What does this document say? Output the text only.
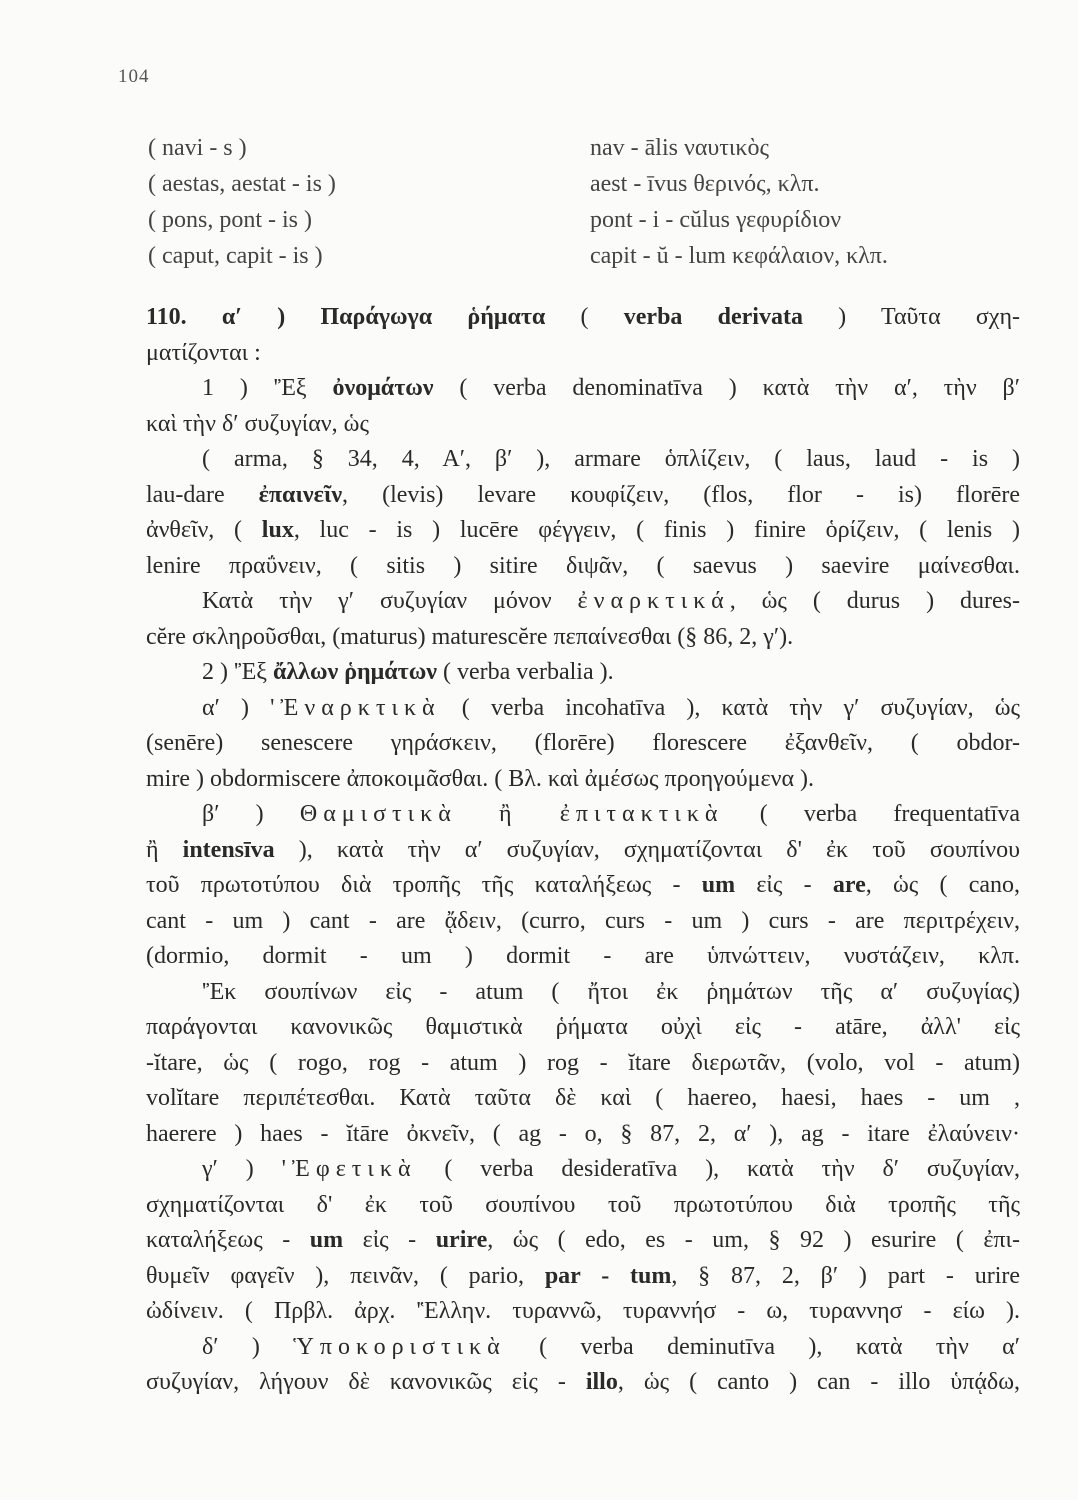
104
( navi - s )	nav - ālis ναυτικὸς
( aestas, aestat - is )	aest - īvus θερινός, κλπ.
( pons, pont - is )	pont - i - cŭlus γεφυρίδιον
( caput, capit - is )	capit - ŭ - lum κεφάλαιον, κλπ.
110. α′ ) Παράγωγα ῥήματα ( verba derivata ) Ταῦτα σχη-
ματίζονται :
1 ) 'Ἐξ ὀνομάτων ( verba denominatīva ) κατὰ τὴν α′, τὴν β′
καὶ τὴν δ′ συζυγίαν, ὡς
( arma, § 34, 4, A′, β′ ), armare ὁπλίζειν, ( laus, laud - is )
lau-dare ἐπαινεῖν, (levis) levare κουφίζειν, (flos, flor - is) florēre
ἀνθεῖν, ( lux, luc - is ) lucēre φέγγειν, ( finis ) finire ὁρίζειν, ( lenis )
lenire πραΰνειν, ( sitis ) sitire διψᾶν, ( saevus ) saevire μαίνεσθαι.
Κατὰ τὴν γ′ συζυγίαν μόνον ἐναρκτικά, ὡς ( durus ) dures-
cĕre σκληροῦσθαι, (maturus) maturescĕre πεπαίνεσθαι (§ 86, 2, γ′).
2 ) 'Ἐξ ἄλλων ῥημάτων ( verba verbalia ).
α′ ) 'Ἐναρκτικὰ ( verba incohatīva ), κατὰ τὴν γ′ συζυγίαν, ὡς
(senēre) senescere γηράσκειν, (florēre) florescere ἐξανθεῖν, ( obdor-
mire ) obdormiscere ἀποκοιμᾶσθαι. ( Βλ. καὶ ἀμέσως προηγούμενα ).
β′ ) Θαμιστικὰ ἢ ἐπιτακτικὰ ( verba frequentatīva
ἢ intensīva ), κατὰ τὴν α′ συζυγίαν, σχηματίζονται δ' ἐκ τοῦ σουπίνου
τοῦ πρωτοτύπου διὰ τροπῆς τῆς καταλήξεως - um εἰς - are, ὡς ( cano,
cant - um ) cant - are ᾄδειν, (curro, curs - um ) curs - are περιτρέχειν,
(dormio, dormit - um ) dormit - are ὑπνώττειν, νυστάζειν, κλπ.
'Ἐκ σουπίνων εἰς - atum ( ἤτοι ἐκ ῥημάτων τῆς α′ συζυγίας)
παράγονται κανονικῶς θαμιστικὰ ῥήματα οὐχὶ εἰς - atāre, ἀλλ' εἰς
-ĭtare, ὡς ( rogo, rog - atum ) rog - ĭtare διερωτᾶν, (volo, vol - atum)
volĭtare περιπέτεσθαι. Κατὰ ταῦτα δὲ καὶ ( haereo, haesi, haes - um ,
haerere ) haes - ĭtāre ὀκνεῖν, ( ag - o, § 87, 2, α′ ), ag - itare ἐλαύνειν·
γ′ ) 'Ἐφετικὰ ( verba desideratīva ), κατὰ τὴν δ′ συζυγίαν,
σχηματίζονται δ' ἐκ τοῦ σουπίνου τοῦ πρωτοτύπου διὰ τροπῆς τῆς
καταλήξεως - um εἰς - urire, ὡς ( edo, es - um, § 92 ) esurire ( ἐπι-
θυμεῖν φαγεῖν ), πεινᾶν, ( pario, par - tum, § 87, 2, β′ ) part - urire
ὠδίνειν. ( Πρβλ. ἀρχ. 'Ἑλλην. τυραννῶ, τυραννήσ - ω, τυραννησ - είω ).
δ′ ) Ὑποκοριστικὰ ( verba deminutīva ), κατὰ τὴν α′
συζυγίαν, λήγουν δὲ κανονικῶς εἰς - illo, ὡς ( canto ) can - illo ὑπᾴδω,
